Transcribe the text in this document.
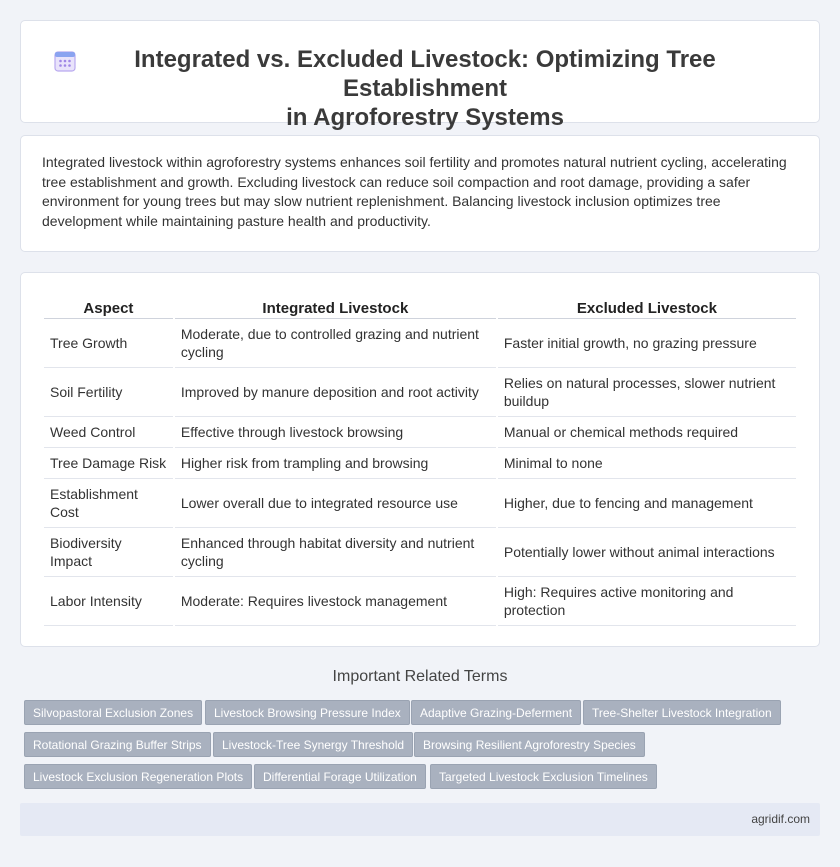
Integrated vs. Excluded Livestock: Optimizing Tree Establishment
in Agroforestry Systems

Integrated livestock within agroforestry systems enhances soil fertility and promotes natural nutrient cycling, accelerating tree establishment and growth. Excluding livestock can reduce soil compaction and root damage, providing a safer environment for young trees but may slow nutrient replenishment. Balancing livestock inclusion optimizes tree development while maintaining pasture health and productivity.

Aspect	Integrated Livestock	Excluded Livestock
Tree Growth	Moderate, due to controlled grazing and nutrient cycling	Faster initial growth, no grazing pressure
Soil Fertility	Improved by manure deposition and root activity	Relies on natural processes, slower nutrient buildup
Weed Control	Effective through livestock browsing	Manual or chemical methods required
Tree Damage Risk	Higher risk from trampling and browsing	Minimal to none
Establishment Cost	Lower overall due to integrated resource use	Higher, due to fencing and management
Biodiversity Impact	Enhanced through habitat diversity and nutrient cycling	Potentially lower without animal interactions
Labor Intensity	Moderate: Requires livestock management	High: Requires active monitoring and protection
Important Related Terms
Silvopastoral Exclusion Zones	Livestock Browsing Pressure Index	Adaptive Grazing-Deferment	Tree-Shelter Livestock Integration
Rotational Grazing Buffer Strips	Livestock-Tree Synergy Threshold	Browsing Resilient Agroforestry Species
Livestock Exclusion Regeneration Plots	Differential Forage Utilization	Targeted Livestock Exclusion Timelines
agridif.com
